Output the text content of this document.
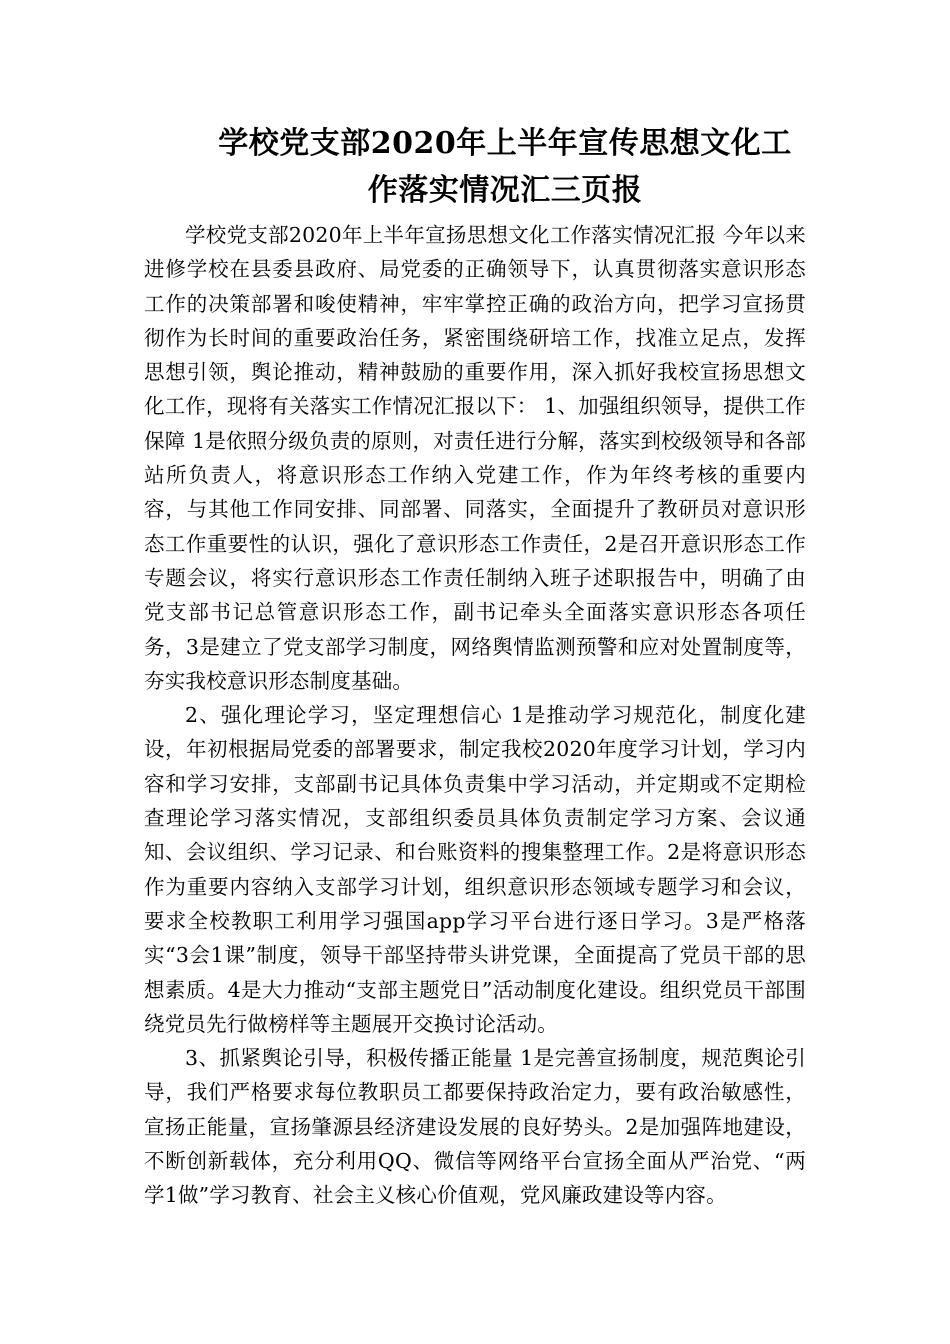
学校党支部2020年上半年宣传思想文化工
作落实情况汇三页报

学校党支部2020年上半年宣扬思想文化工作落实情况汇报 今年以来进修学校在县委县政府、局党委的正确领导下，认真贯彻落实意识形态工作的决策部署和唆使精神，牢牢掌控正确的政治方向，把学习宣扬贯彻作为长时间的重要政治任务，紧密围绕研培工作，找准立足点，发挥思想引领，舆论推动，精神鼓励的重要作用，深入抓好我校宣扬思想文化工作，现将有关落实工作情况汇报以下： 1、加强组织领导，提供工作保障 1是依照分级负责的原则，对责任进行分解，落实到校级领导和各部站所负责人，将意识形态工作纳入党建工作，作为年终考核的重要内容，与其他工作同安排、同部署、同落实，全面提升了教研员对意识形态工作重要性的认识，强化了意识形态工作责任，2是召开意识形态工作专题会议，将实行意识形态工作责任制纳入班子述职报告中，明确了由党支部书记总管意识形态工作，副书记牵头全面落实意识形态各项任务，3是建立了党支部学习制度，网络舆情监测预警和应对处置制度等，夯实我校意识形态制度基础。

2、强化理论学习，坚定理想信心 1是推动学习规范化，制度化建设，年初根据局党委的部署要求，制定我校2020年度学习计划，学习内容和学习安排，支部副书记具体负责集中学习活动，并定期或不定期检查理论学习落实情况，支部组织委员具体负责制定学习方案、会议通知、会议组织、学习记录、和台账资料的搜集整理工作。2是将意识形态作为重要内容纳入支部学习计划，组织意识形态领域专题学习和会议，要求全校教职工利用学习强国app学习平台进行逐日学习。3是严格落实“3会1课”制度，领导干部坚持带头讲党课，全面提高了党员干部的思想素质。4是大力推动“支部主题党日”活动制度化建设。组织党员干部围绕党员先行做榜样等主题展开交换讨论活动。

3、抓紧舆论引导，积极传播正能量 1是完善宣扬制度，规范舆论引导，我们严格要求每位教职员工都要保持政治定力，要有政治敏感性，宣扬正能量，宣扬肇源县经济建设发展的良好势头。2是加强阵地建设，不断创新载体，充分利用QQ、微信等网络平台宣扬全面从严治党、“两学1做”学习教育、社会主义核心价值观，党风廉政建设等内容。
